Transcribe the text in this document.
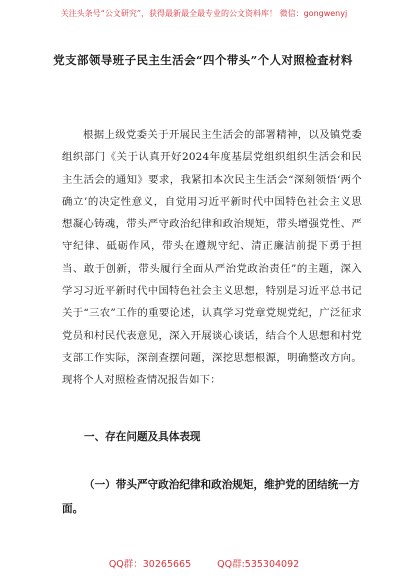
关注头条号“公文研究”，获得最新最全最专业的公文资料库！ 微信：gongwenyj
党支部领导班子民主生活会“四个带头”个人对照检查材料
根据上级党委关于开展民主生活会的部署精神，以及镇党委组织部门《关于认真开好2024年度基层党组织组织生活会和民主生活会的通知》要求，我紧扣本次民主生活会“深刻领悟‘两个确立’的决定性意义，自觉用习近平新时代中国特色社会主义思想凝心铸魂，带头严守政治纪律和政治规矩，带头增强党性、严守纪律、砥砺作风，带头在遵规守纪、清正廉洁前提下勇于担当、敢于创新，带头履行全面从严治党政治责任”的主题，深入学习习近平新时代中国特色社会主义思想，特别是习近平总书记关于“三农”工作的重要论述，认真学习党章党规党纪，广泛征求党员和村民代表意见，深入开展谈心谈话，结合个人思想和村党支部工作实际，深剖查摆问题，深挖思想根源，明确整改方向。现将个人对照检查情况报告如下：
一、存在问题及具体表现
（一）带头严守政治纪律和政治规矩，维护党的团结统一方面。
QQ群：30265665	QQ群:535304092
